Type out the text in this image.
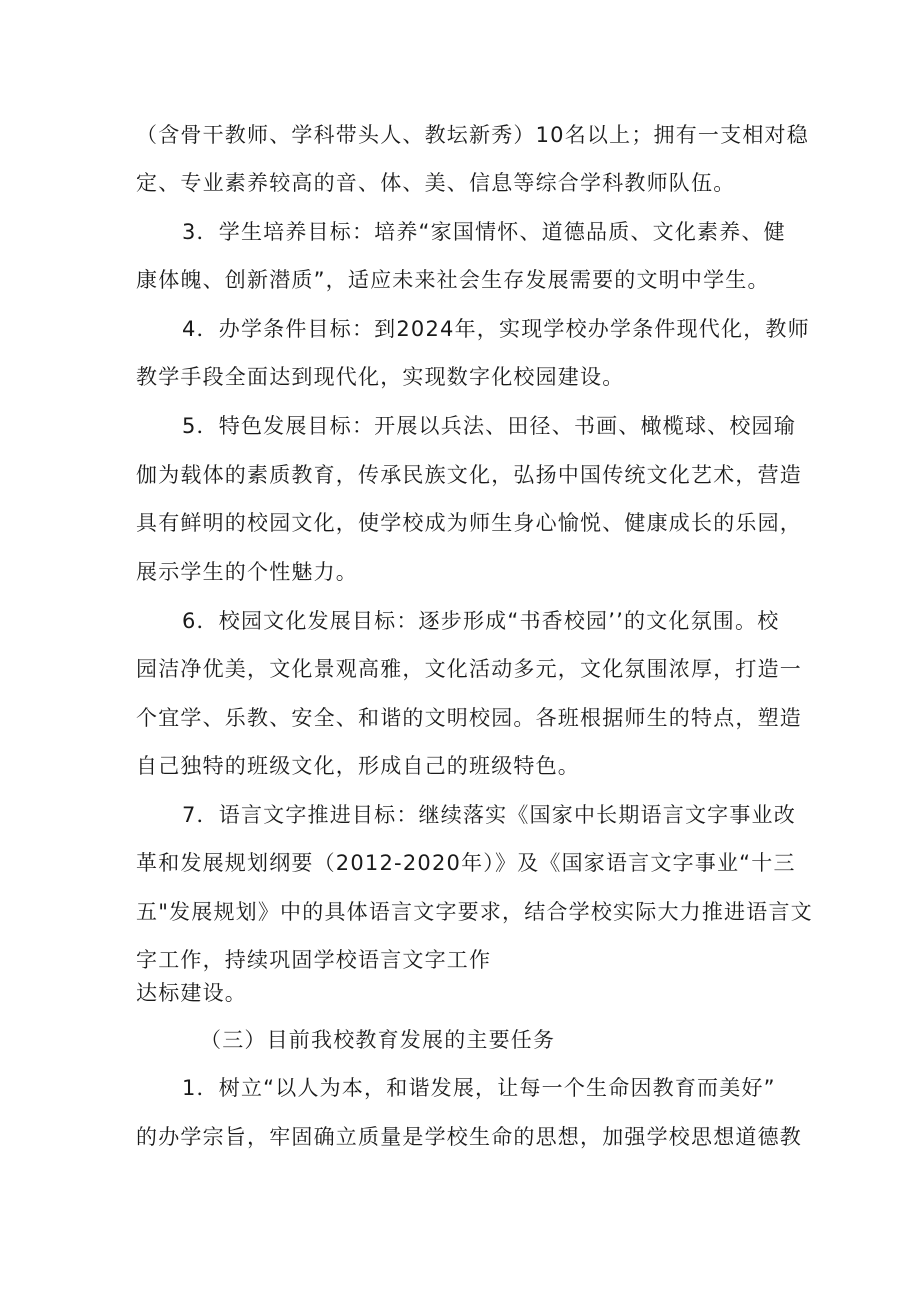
（含骨干教师、学科带头人、教坛新秀）10名以上；拥有一支相对稳
定、专业素养较高的音、体、美、信息等综合学科教师队伍。
3．学生培养目标：培养“家国情怀、道德品质、文化素养、健
康体魄、创新潜质”，适应未来社会生存发展需要的文明中学生。
4．办学条件目标：到2024年，实现学校办学条件现代化，教师
教学手段全面达到现代化，实现数字化校园建设。
5．特色发展目标：开展以兵法、田径、书画、橄榄球、校园瑜
伽为载体的素质教育，传承民族文化，弘扬中国传统文化艺术，营造
具有鲜明的校园文化，使学校成为师生身心愉悦、健康成长的乐园，
展示学生的个性魅力。
6．校园文化发展目标：逐步形成“书香校园’’的文化氛围。校
园洁净优美，文化景观高雅，文化活动多元，文化氛围浓厚，打造一
个宜学、乐教、安全、和谐的文明校园。各班根据师生的特点，塑造
自己独特的班级文化，形成自己的班级特色。
7．语言文字推进目标：继续落实《国家中长期语言文字事业改
革和发展规划纲要（2012-2020年）》及《国家语言文字事业“十三
五"发展规划》中的具体语言文字要求，结合学校实际大力推进语言文
字工作，持续巩固学校语言文字工作
达标建设。
（三）目前我校教育发展的主要任务
1．树立“以人为本，和谐发展，让每一个生命因教育而美好”
的办学宗旨，牢固确立质量是学校生命的思想，加强学校思想道德教
